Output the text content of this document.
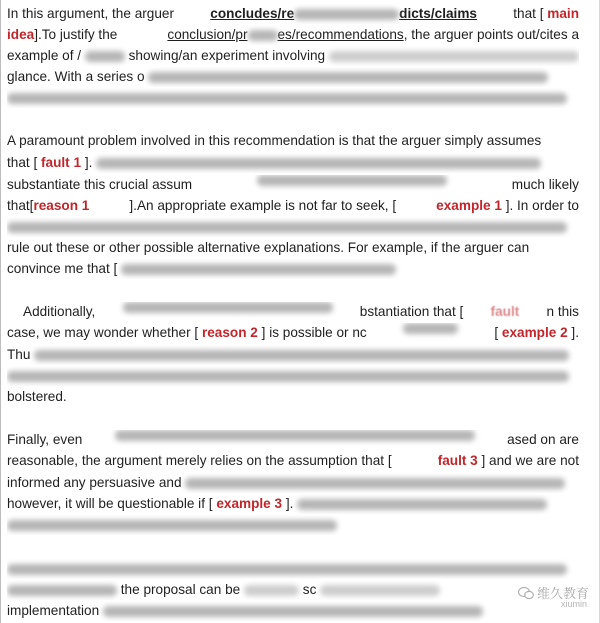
In this argument, the arguer	concludes/re	dicts/claims	that [ main
idea].To justify the	conclusion/pr es/recommendations, the arguer points out/cites a
example of /	showing/an experiment involving
glance. With a series o
A paramount problem involved in this recommendation is that the arguer simply assumes
that [ fault 1 ].
substantiate this crucial assum	much likely
that[reason 1	].An appropriate example is not far to seek, [	example 1 ]. In order to
rule out these or other possible alternative explanations. For example, if the arguer can
convince me that [
Additionally,	bstantiation that [ fault n this
case, we may wonder whether [ reason 2 ] is possible or nc	[ example 2 ].
Thu
bolstered.
Finally, even	ased on are
reasonable, the argument merely relies on the assumption that [	fault 3 ] and we are not
informed any persuasive and
however, it will be questionable if [ example 3 ].
the proposal can be	sc
implementation
维久教育
xiumin
